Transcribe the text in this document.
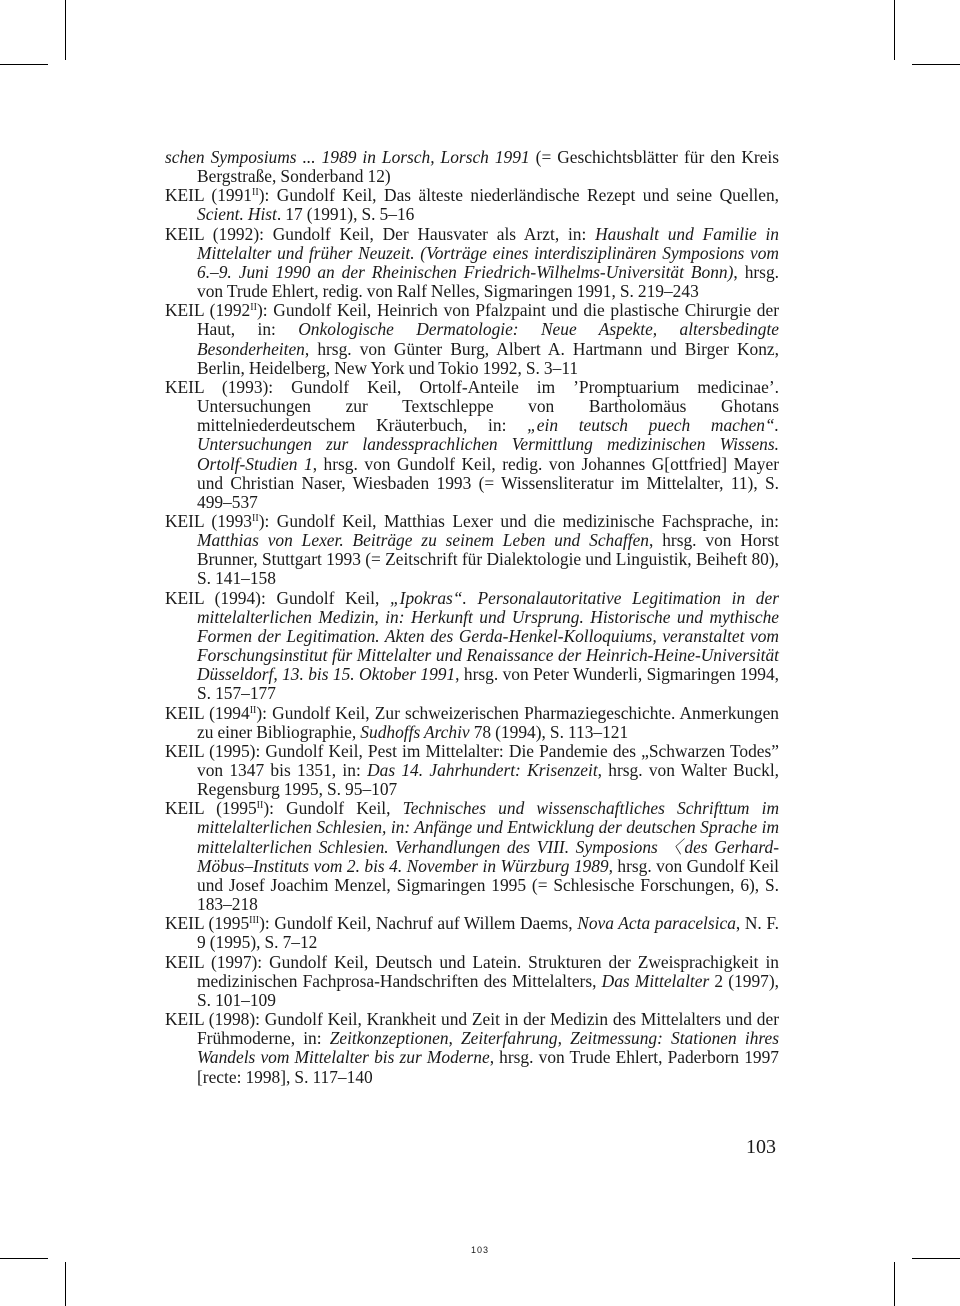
schen Symposiums ... 1989 in Lorsch, Lorsch 1991 (= Geschichtsblätter für den Kreis Bergstraße, Sonderband 12)
KEIL $(1991^{II})$: Gundolf Keil, Das älteste niederländische Rezept und seine Quellen, Scient. Hist. 17 (1991), S. 5–16
KEIL (1992): Gundolf Keil, Der Hausvater als Arzt, in: Haushalt und Familie in Mittelalter und früher Neuzeit. (Vorträge eines interdisziplinären Symposions vom 6.–9. Juni 1990 an der Rheinischen Friedrich-Wilhelms-Universität Bonn), hrsg. von Trude Ehlert, redig. von Ralf Nelles, Sigmaringen 1991, S. 219–243
KEIL $(1992^{II})$: Gundolf Keil, Heinrich von Pfalzpaint und die plastische Chirurgie der Haut, in: Onkologische Dermatologie: Neue Aspekte, altersbedingte Besonderheiten, hrsg. von Günter Burg, Albert A. Hartmann und Birger Konz, Berlin, Heidelberg, New York und Tokio 1992, S. 3–11
KEIL (1993): Gundolf Keil, Ortolf-Anteile im ’Promptuarium medicinae’. Untersuchungen zur Textschleppe von Bartholomäus Ghotans mittelniederdeutschem Kräuterbuch, in: „ein teutsch puech machen“. Untersuchungen zur landessprachlichen Vermittlung medizinischen Wissens. Ortolf-Studien 1, hrsg. von Gundolf Keil, redig. von Johannes G[ottfried] Mayer und Christian Naser, Wiesbaden 1993 (= Wissensliteratur im Mittelalter, 11), S. 499–537
KEIL $(1993^{II})$: Gundolf Keil, Matthias Lexer und die medizinische Fachsprache, in: Matthias von Lexer. Beiträge zu seinem Leben und Schaffen, hrsg. von Horst Brunner, Stuttgart 1993 (= Zeitschrift für Dialektologie und Linguistik, Beiheft 80), S. 141–158
KEIL (1994): Gundolf Keil, „Ipokras“. Personalautoritative Legitimation in der mittelalterlichen Medizin, in: Herkunft und Ursprung. Historische und mythische Formen der Legitimation. Akten des Gerda-Henkel-Kolloquiums, veranstaltet vom Forschungsinstitut für Mittelalter und Renaissance der Heinrich-Heine-Universität Düsseldorf, 13. bis 15. Oktober 1991, hrsg. von Peter Wunderli, Sigmaringen 1994, S. 157–177
KEIL $(1994^{II})$: Gundolf Keil, Zur schweizerischen Pharmaziegeschichte. Anmerkungen zu einer Bibliographie, Sudhoffs Archiv 78 (1994), S. 113–121
KEIL (1995): Gundolf Keil, Pest im Mittelalter: Die Pandemie des „Schwarzen Todes” von 1347 bis 1351, in: Das 14. Jahrhundert: Krisenzeit, hrsg. von Walter Buckl, Regensburg 1995, S. 95–107
KEIL $(1995^{II})$: Gundolf Keil, Technisches und wissenschaftliches Schrifttum im mittelalterlichen Schlesien, in: Anfänge und Entwicklung der deutschen Sprache im mittelalterlichen Schlesien. Verhandlungen des VIII. Symposions 〈des Gerhard-Möbus–Instituts vom 2. bis 4. November in Würzburg 1989, hrsg. von Gundolf Keil und Josef Joachim Menzel, Sigmaringen 1995 (= Schlesische Forschungen, 6), S. 183–218
KEIL $(1995^{III})$: Gundolf Keil, Nachruf auf Willem Daems, Nova Acta paracelsica, N. F. 9 (1995), S. 7–12
KEIL (1997): Gundolf Keil, Deutsch und Latein. Strukturen der Zweisprachigkeit in medizinischen Fachprosa-Handschriften des Mittelalters, Das Mittelalter 2 (1997), S. 101–109
KEIL (1998): Gundolf Keil, Krankheit und Zeit in der Medizin des Mittelalters und der Frühmoderne, in: Zeitkonzeptionen, Zeiterfahrung, Zeitmessung: Stationen ihres Wandels vom Mittelalter bis zur Moderne, hrsg. von Trude Ehlert, Paderborn 1997 [recte: 1998], S. 117–140
103
103
